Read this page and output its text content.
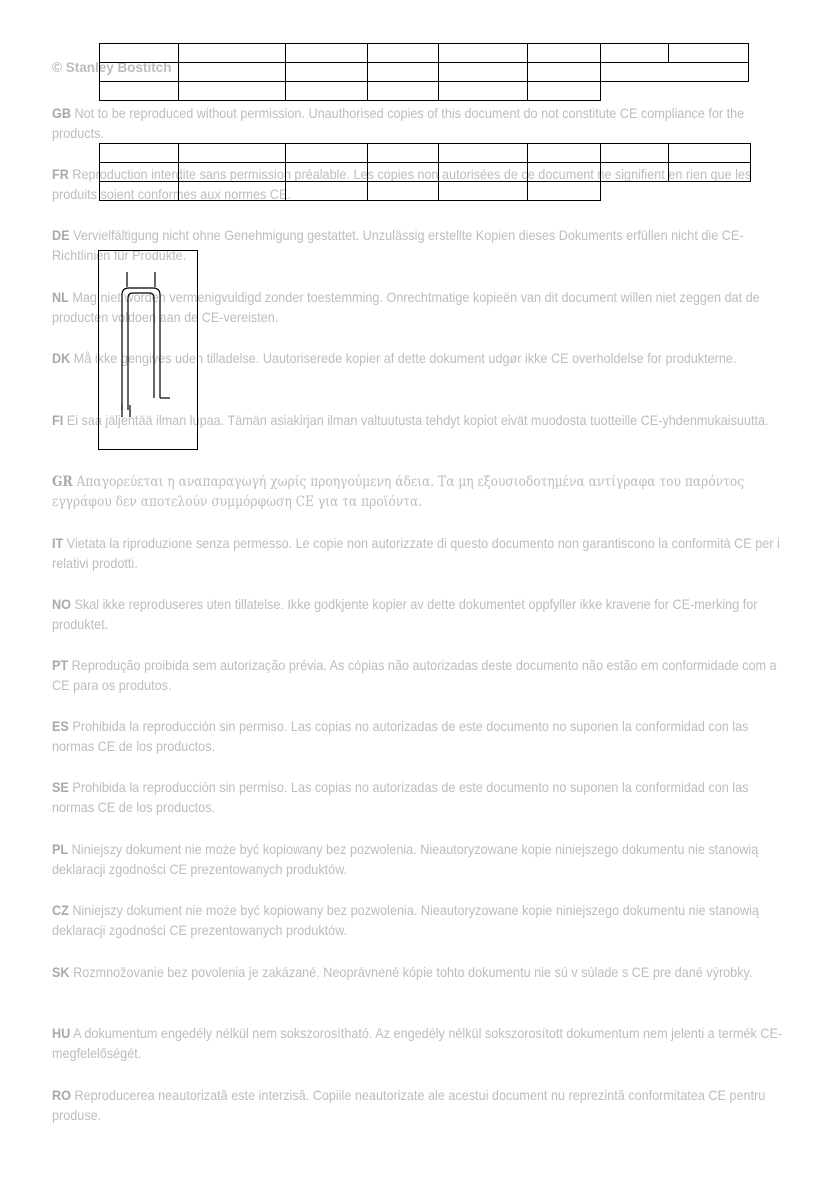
© Stanley Bostitch
GB Not to be reproduced without permission. Unauthorised copies of this document do not constitute CE compliance for the products.
FR Reproduction interdite sans permission préalable. Les copies non autorisées de ce document ne signifient en rien que les produits soient conformes aux normes CE.
DE Vervielfältigung nicht ohne Genehmigung gestattet. Unzulässig erstellte Kopien dieses Dokuments erfüllen nicht die CE-Richtlinien für Produkte.
NL Mag niet worden vermenigvuldigd zonder toestemming. Onrechtmatige kopieën van dit document willen niet zeggen dat de producten voldoen aan de CE-vereisten.
DK Må ikke gengives uden tilladelse. Uautoriserede kopier af dette dokument udgør ikke CE overholdelse for produkterne.
FI Ei saa jäljentää ilman lupaa. Tämän asiakirjan ilman valtuutusta tehdyt kopiot eivät muodosta tuotteille CE-yhdenmukaisuutta.
GR Απαγορεύεται η αναπαραγωγή χωρίς προηγούμενη άδεια. Τα μη εξουσιοδοτημένα αντίγραφα του παρόντος εγγράφου δεν αποτελούν συμμόρφωση CE για τα προϊόντα.
IT Vietata la riproduzione senza permesso. Le copie non autorizzate di questo documento non garantiscono la conformità CE per i relativi prodotti.
NO Skal ikke reproduseres uten tillatelse. Ikke godkjente kopier av dette dokumentet oppfyller ikke kravene for CE-merking for produktet.
PT Reprodução proibida sem autorização prévia. As cópias não autorizadas deste documento não estão em conformidade com a CE para os produtos.
ES Prohibida la reproducción sin permiso. Las copias no autorizadas de este documento no suponen la conformidad con las normas CE de los productos.
SE Prohibida la reproducción sin permiso. Las copias no autorizadas de este documento no suponen la conformidad con las normas CE de los productos.
PL Niniejszy dokument nie może być kopiowany bez pozwolenia. Nieautoryzowane kopie niniejszego dokumentu nie stanowią deklaracji zgodności CE prezentowanych produktów.
CZ Niniejszy dokument nie może być kopiowany bez pozwolenia. Nieautoryzowane kopie niniejszego dokumentu nie stanowią deklaracji zgodności CE prezentowanych produktów.
SK Rozmnožovanie bez povolenia je zakázané. Neoprávnené kópie tohto dokumentu nie sú v súlade s CE pre dané výrobky.
HU A dokumentum engedély nélkül nem sokszorosítható. Az engedély nélkül sokszorosított dokumentum nem jelenti a termék CE-megfelelőségét.
RO Reproducerea neautorizată este interzisă. Copiile neautorizate ale acestui document nu reprezintă conformitatea CE pentru produse.
